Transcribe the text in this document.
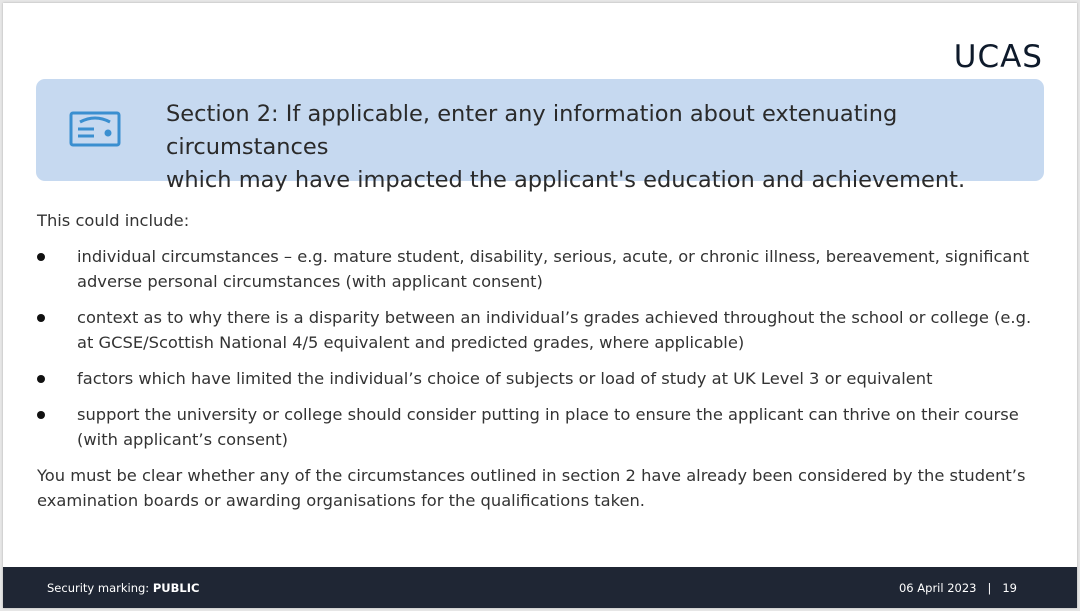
UCAS
Section 2: If applicable, enter any information about extenuating circumstances
which may have impacted the applicant's education and achievement.

This could include:

individual circumstances – e.g. mature student, disability, serious, acute, or chronic illness, bereavement, significant
adverse personal circumstances (with applicant consent)
context as to why there is a disparity between an individual’s grades achieved throughout the school or college (e.g.
at GCSE/Scottish National 4/5 equivalent and predicted grades, where applicable)
factors which have limited the individual’s choice of subjects or load of study at UK Level 3 or equivalent
support the university or college should consider putting in place to ensure the applicant can thrive on their course
(with applicant’s consent)

You must be clear whether any of the circumstances outlined in section 2 have already been considered by the student’s
examination boards or awarding organisations for the qualifications taken.

Security marking: PUBLIC	06 April 2023 | 19
